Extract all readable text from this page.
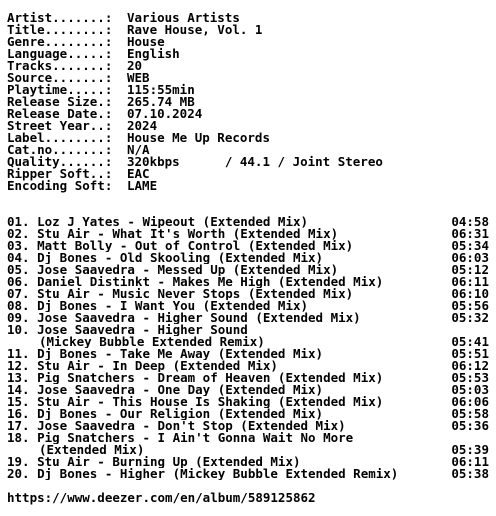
Artist.......:	Various Artists
Title........:	Rave House, Vol. 1
Genre........:	House
Language.....:	English
Tracks.......:	20
Source.......:	WEB
Playtime.....:	115:55min
Release Size.:	265.74 MB
Release Date.:	07.10.2024
Street Year..:	2024
Label........:	House Me Up Records
Cat.no.......:	N/A
Quality......:	320kbps      / 44.1 / Joint Stereo
Ripper Soft..:	EAC
Encoding Soft:	LAME
01. Loz J Yates - Wipeout (Extended Mix)	04:58
02. Stu Air - What It's Worth (Extended Mix)	06:31
03. Matt Bolly - Out of Control (Extended Mix)	05:34
04. Dj Bones - Old Skooling (Extended Mix)	06:03
05. Jose Saavedra - Messed Up (Extended Mix)	05:12
06. Daniel Distinkt - Makes Me High (Extended Mix)	06:11
07. Stu Air - Music Never Stops (Extended Mix)	06:10
08. Dj Bones - I Want You (Extended Mix)	05:56
09. Jose Saavedra - Higher Sound (Extended Mix)	05:32
10. Jose Saavedra - Higher Sound
(Mickey Bubble Extended Remix)	05:41
11. Dj Bones - Take Me Away (Extended Mix)	05:51
12. Stu Air - In Deep (Extended Mix)	06:12
13. Pig Snatchers - Dream of Heaven (Extended Mix)	05:53
14. Jose Saavedra - One Day (Extended Mix)	05:03
15. Stu Air - This House Is Shaking (Extended Mix)	06:06
16. Dj Bones - Our Religion (Extended Mix)	05:58
17. Jose Saavedra - Don't Stop (Extended Mix)	05:36
18. Pig Snatchers - I Ain't Gonna Wait No More
(Extended Mix)	05:39
19. Stu Air - Burning Up (Extended Mix)	06:11
20. Dj Bones - Higher (Mickey Bubble Extended Remix)	05:38
https://www.deezer.com/en/album/589125862
